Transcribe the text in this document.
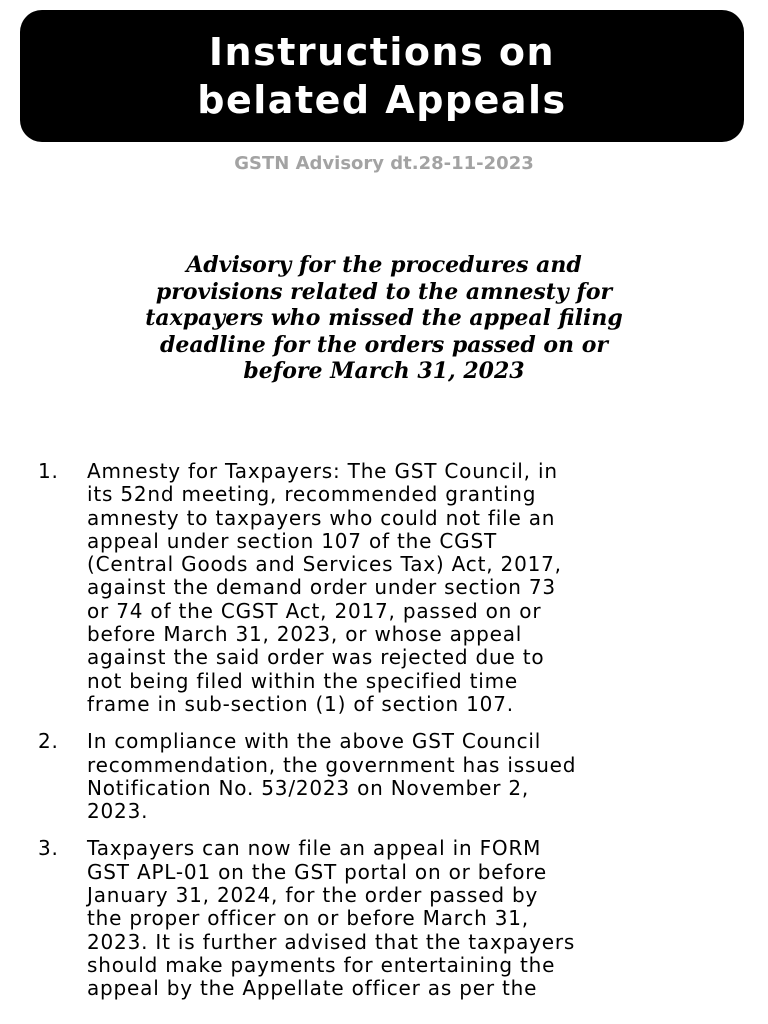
Instructions on
belated Appeals
GSTN Advisory dt.28-11-2023
Advisory for the procedures and
provisions related to the amnesty for
taxpayers who missed the appeal filing
deadline for the orders passed on or
before March 31, 2023
1. Amnesty for Taxpayers: The GST Council, in
its 52nd meeting, recommended granting
amnesty to taxpayers who could not file an
appeal under section 107 of the CGST
(Central Goods and Services Tax) Act, 2017,
against the demand order under section 73
or 74 of the CGST Act, 2017, passed on or
before March 31, 2023, or whose appeal
against the said order was rejected due to
not being filed within the specified time
frame in sub-section (1) of section 107.
2. In compliance with the above GST Council
recommendation, the government has issued
Notification No. 53/2023 on November 2,
2023.
3. Taxpayers can now file an appeal in FORM
GST APL-01 on the GST portal on or before
January 31, 2024, for the order passed by
the proper officer on or before March 31,
2023. It is further advised that the taxpayers
should make payments for entertaining the
appeal by the Appellate officer as per the
